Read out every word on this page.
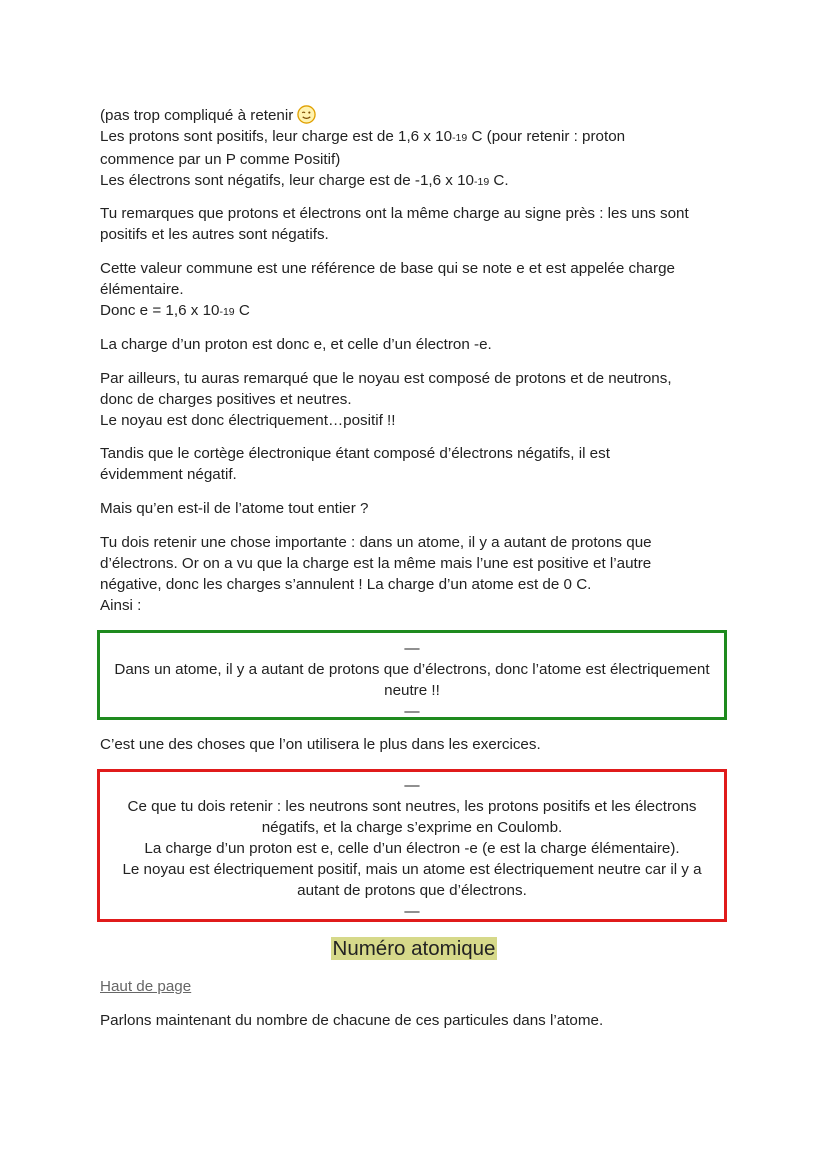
(pas trop compliqué à retenir
Les protons sont positifs, leur charge est de 1,6 x 10-19 C (pour retenir : proton
commence par un P comme Positif)
Les électrons sont négatifs, leur charge est de -1,6 x 10-19 C.

Tu remarques que protons et électrons ont la même charge au signe près : les uns sont
positifs et les autres sont négatifs.

Cette valeur commune est une référence de base qui se note e et est appelée charge
élémentaire.
Donc e = 1,6 x 10-19 C

La charge d’un proton est donc e, et celle d’un électron -e.

Par ailleurs, tu auras remarqué que le noyau est composé de protons et de neutrons,
donc de charges positives et neutres.
Le noyau est donc électriquement…positif !!

Tandis que le cortège électronique étant composé d’électrons négatifs, il est
évidemment négatif.

Mais qu’en est-il de l’atome tout entier ?

Tu dois retenir une chose importante : dans un atome, il y a autant de protons que
d’électrons. Or on a vu que la charge est la même mais l’une est positive et l’autre
négative, donc les charges s’annulent ! La charge d’un atome est de 0 C.
Ainsi :

—
Dans un atome, il y a autant de protons que d’électrons, donc l’atome est électriquement
neutre !!
—

C’est une des choses que l’on utilisera le plus dans les exercices.

—
Ce que tu dois retenir : les neutrons sont neutres, les protons positifs et les électrons
négatifs, et la charge s’exprime en Coulomb.
La charge d’un proton est e, celle d’un électron -e (e est la charge élémentaire).
Le noyau est électriquement positif, mais un atome est électriquement neutre car il y a
autant de protons que d’électrons.
—
Numéro atomique
Haut de page

Parlons maintenant du nombre de chacune de ces particules dans l’atome.
